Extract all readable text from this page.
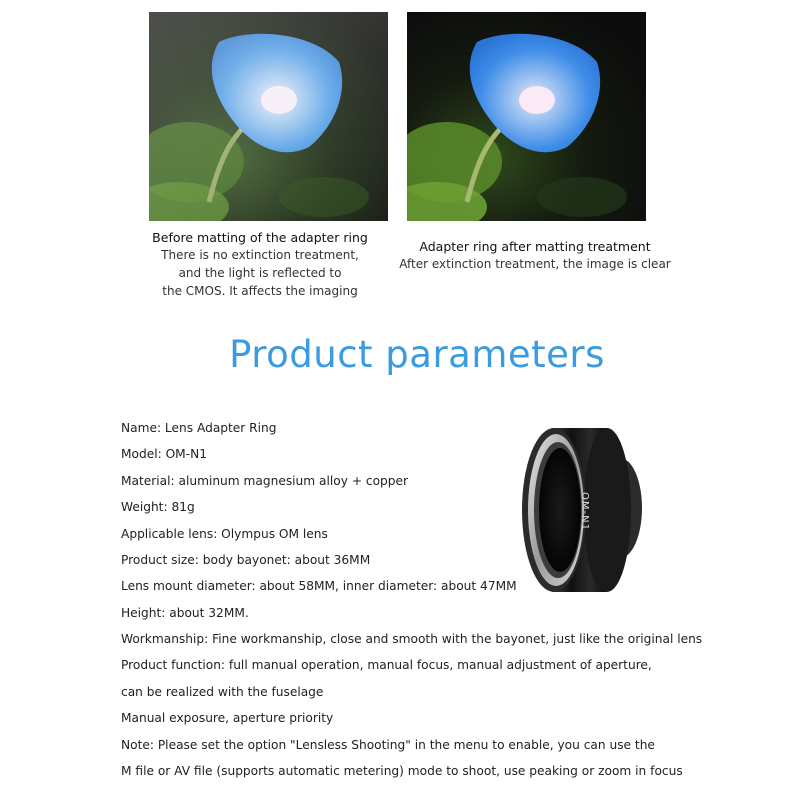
Before matting of the adapter ring
There is no extinction treatment,
and the light is reflected to
the CMOS. It affects the imaging
Adapter ring after matting treatment
After extinction treatment, the image is clear
Product parameters
Name: Lens Adapter Ring
Model: OM-N1
Material: aluminum magnesium alloy + copper
Weight: 81g
Applicable lens: Olympus OM lens
Product size: body bayonet: about 36MM
Lens mount diameter: about 58MM, inner diameter: about 47MM
Height: about 32MM.
Workmanship: Fine workmanship, close and smooth with the bayonet, just like the original lens
Product function: full manual operation, manual focus, manual adjustment of aperture,
can be realized with the fuselage
Manual exposure, aperture priority
Note: Please set the option "Lensless Shooting" in the menu to enable, you can use the
M file or AV file (supports automatic metering) mode to shoot, use peaking or zoom in focus
OM-N1
